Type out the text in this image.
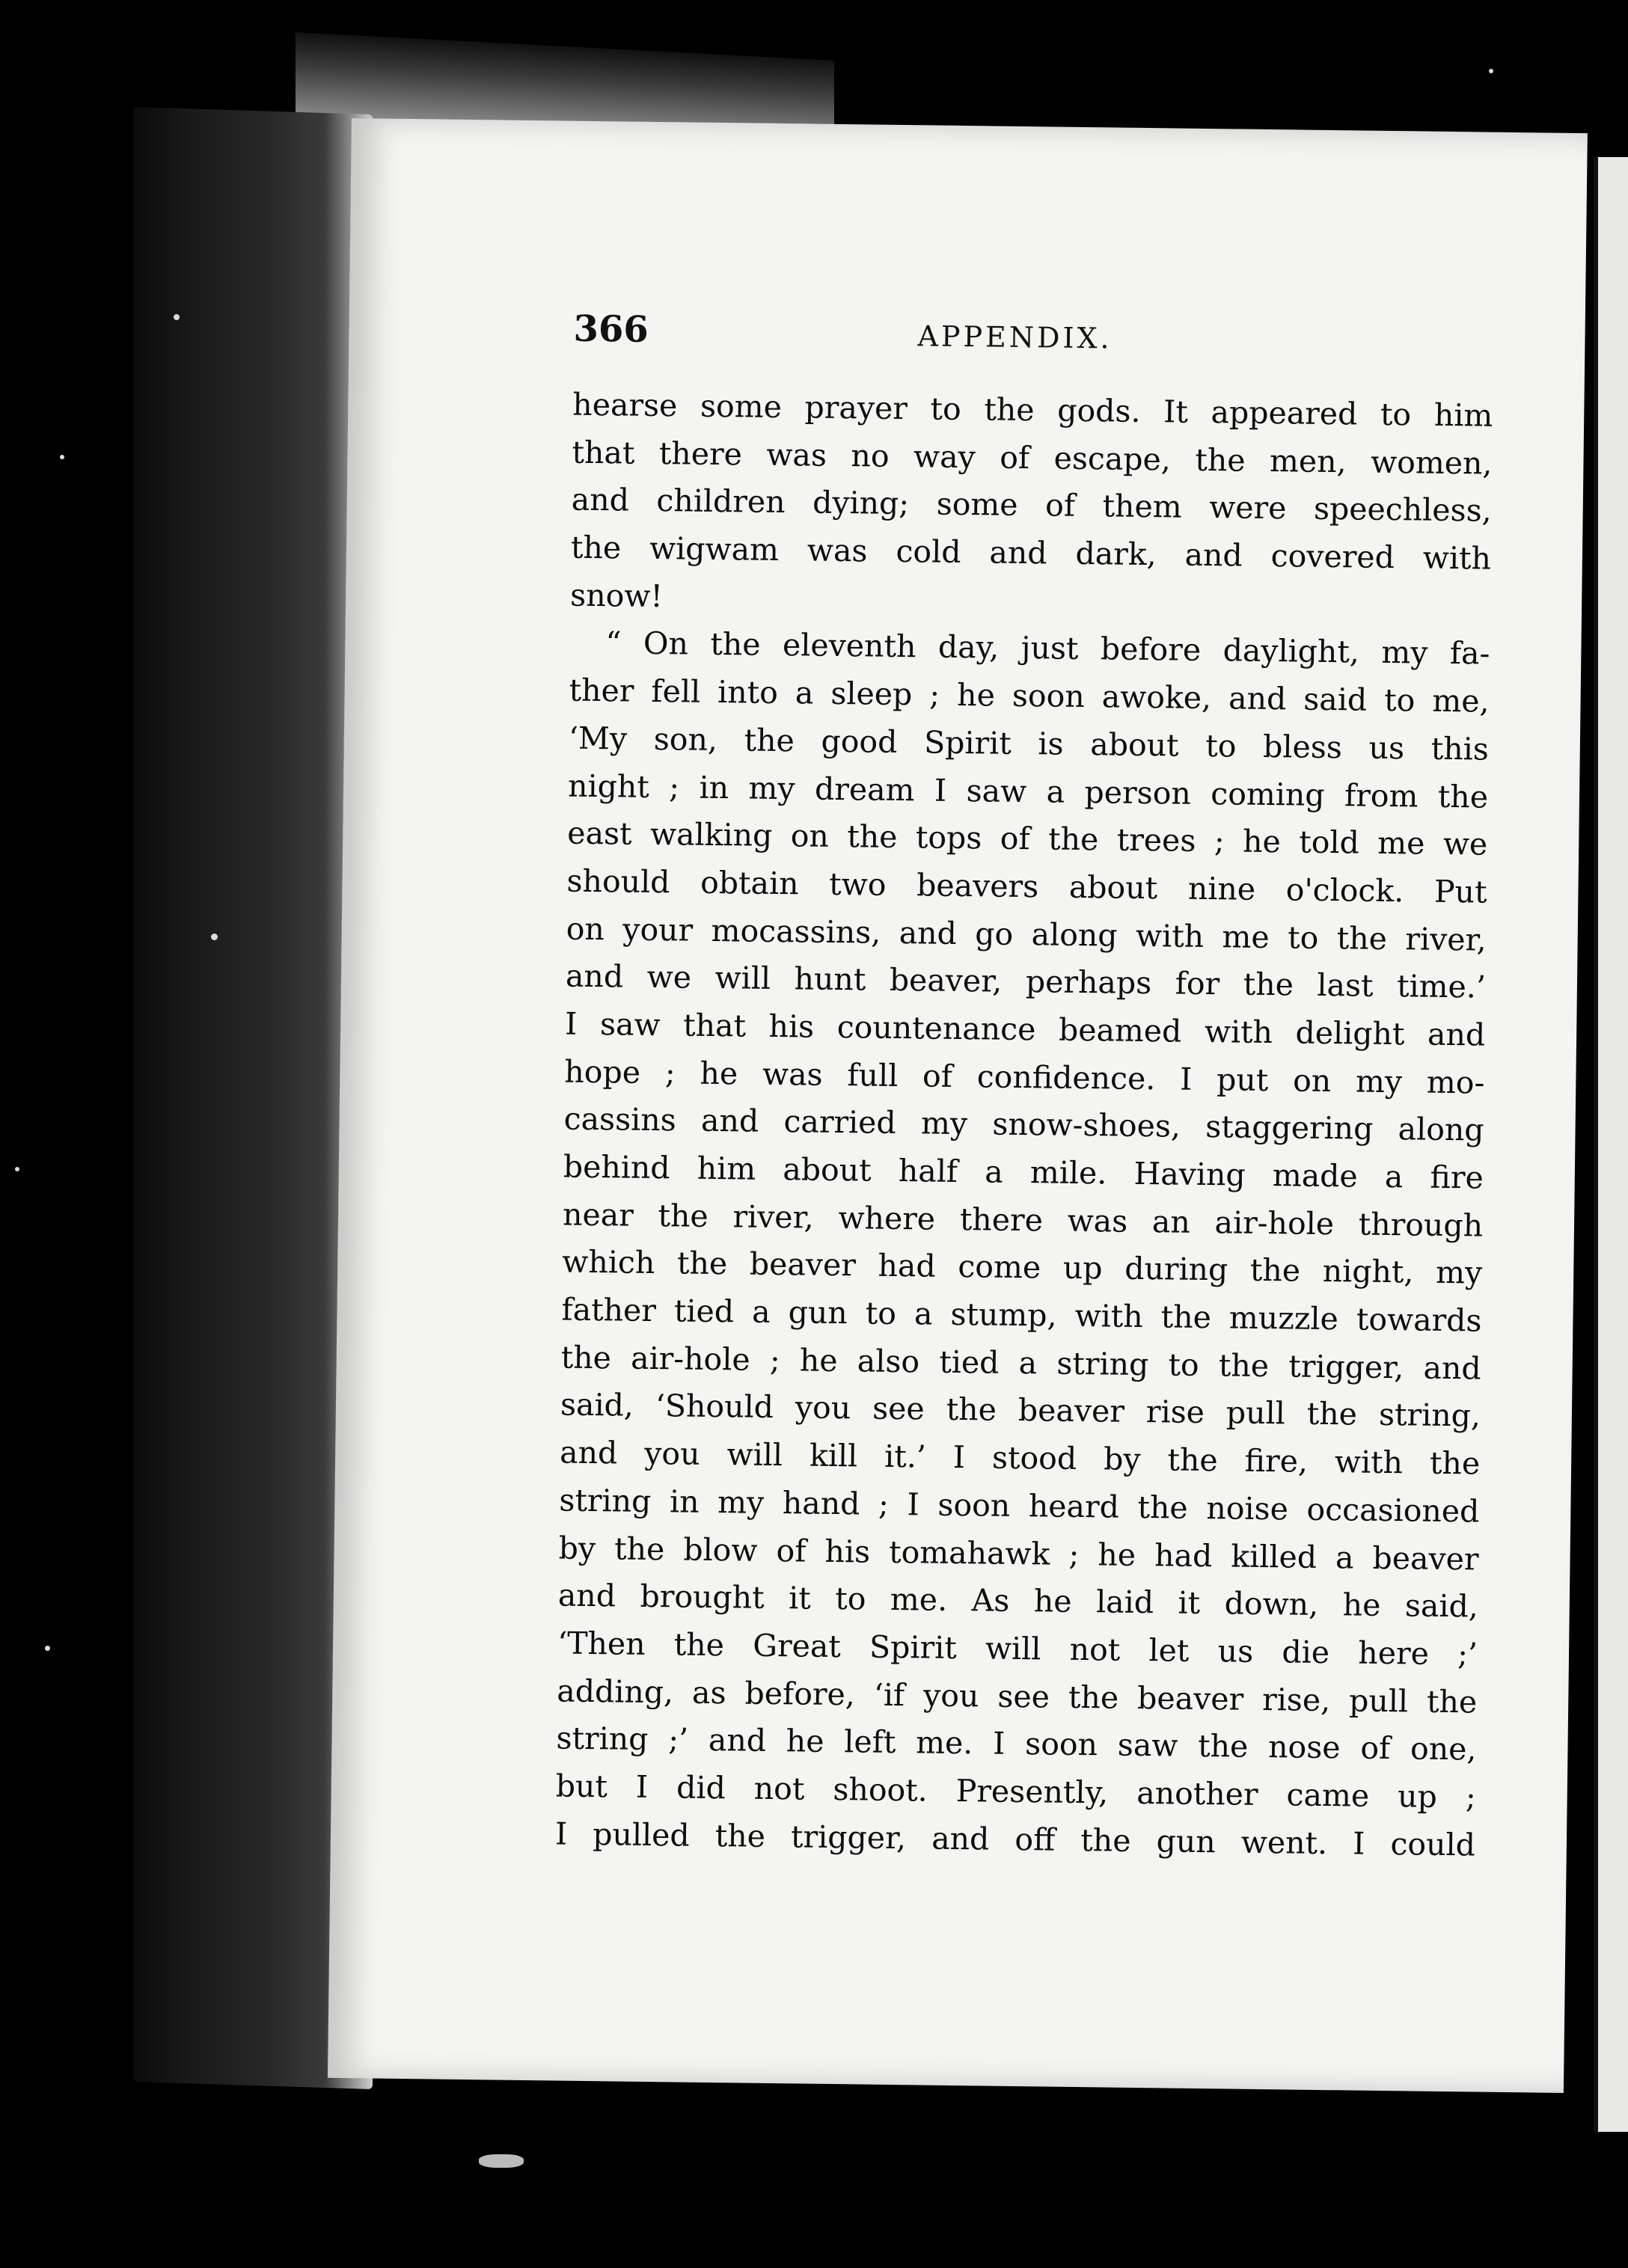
366	APPENDIX.
hearse some prayer to the gods. It appeared to him
that there was no way of escape, the men, women,
and children dying; some of them were speechless,
the wigwam was cold and dark, and covered with
snow!
“ On the eleventh day, just before daylight, my fa-
ther fell into a sleep ; he soon awoke, and said to me,
‘My son, the good Spirit is about to bless us this
night ; in my dream I saw a person coming from the
east walking on the tops of the trees ; he told me we
should obtain two beavers about nine o'clock. Put
on your mocassins, and go along with me to the river,
and we will hunt beaver, perhaps for the last time.’
I saw that his countenance beamed with delight and
hope ; he was full of confidence. I put on my mo-
cassins and carried my snow-shoes, staggering along
behind him about half a mile. Having made a fire
near the river, where there was an air-hole through
which the beaver had come up during the night, my
father tied a gun to a stump, with the muzzle towards
the air-hole ; he also tied a string to the trigger, and
said, ‘Should you see the beaver rise pull the string,
and you will kill it.’ I stood by the fire, with the
string in my hand ; I soon heard the noise occasioned
by the blow of his tomahawk ; he had killed a beaver
and brought it to me. As he laid it down, he said,
‘Then the Great Spirit will not let us die here ;’
adding, as before, ‘if you see the beaver rise, pull the
string ;’ and he left me. I soon saw the nose of one,
but I did not shoot. Presently, another came up ;
I pulled the trigger, and off the gun went. I could
